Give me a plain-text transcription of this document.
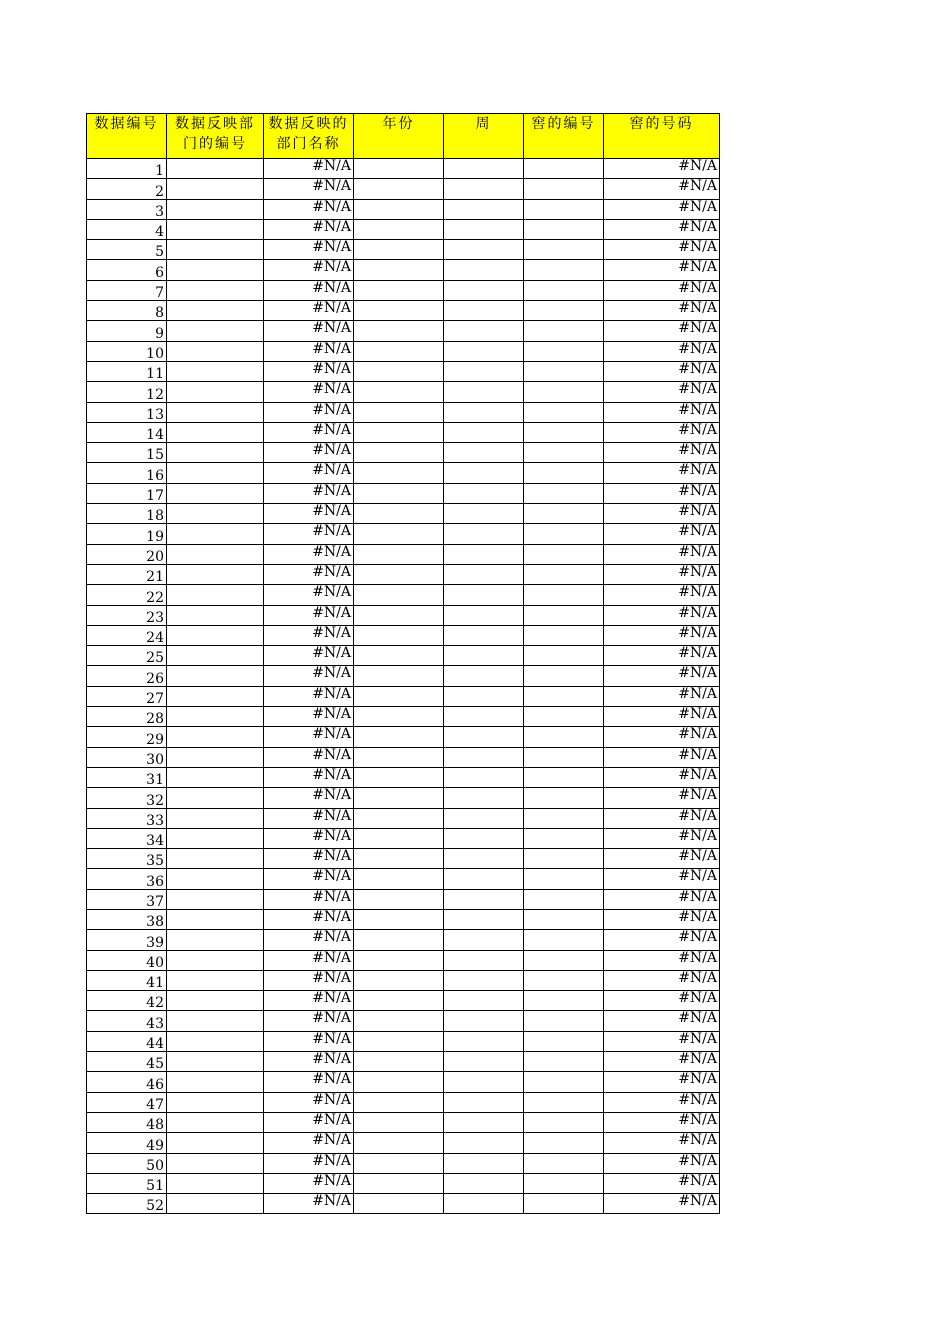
数据编号	数据反映部门的编号	数据反映的部门名称	年份	周	窖的编号	窖的号码
1		#N/A				#N/A
2		#N/A				#N/A
3		#N/A				#N/A
4		#N/A				#N/A
5		#N/A				#N/A
6		#N/A				#N/A
7		#N/A				#N/A
8		#N/A				#N/A
9		#N/A				#N/A
10		#N/A				#N/A
11		#N/A				#N/A
12		#N/A				#N/A
13		#N/A				#N/A
14		#N/A				#N/A
15		#N/A				#N/A
16		#N/A				#N/A
17		#N/A				#N/A
18		#N/A				#N/A
19		#N/A				#N/A
20		#N/A				#N/A
21		#N/A				#N/A
22		#N/A				#N/A
23		#N/A				#N/A
24		#N/A				#N/A
25		#N/A				#N/A
26		#N/A				#N/A
27		#N/A				#N/A
28		#N/A				#N/A
29		#N/A				#N/A
30		#N/A				#N/A
31		#N/A				#N/A
32		#N/A				#N/A
33		#N/A				#N/A
34		#N/A				#N/A
35		#N/A				#N/A
36		#N/A				#N/A
37		#N/A				#N/A
38		#N/A				#N/A
39		#N/A				#N/A
40		#N/A				#N/A
41		#N/A				#N/A
42		#N/A				#N/A
43		#N/A				#N/A
44		#N/A				#N/A
45		#N/A				#N/A
46		#N/A				#N/A
47		#N/A				#N/A
48		#N/A				#N/A
49		#N/A				#N/A
50		#N/A				#N/A
51		#N/A				#N/A
52		#N/A				#N/A
